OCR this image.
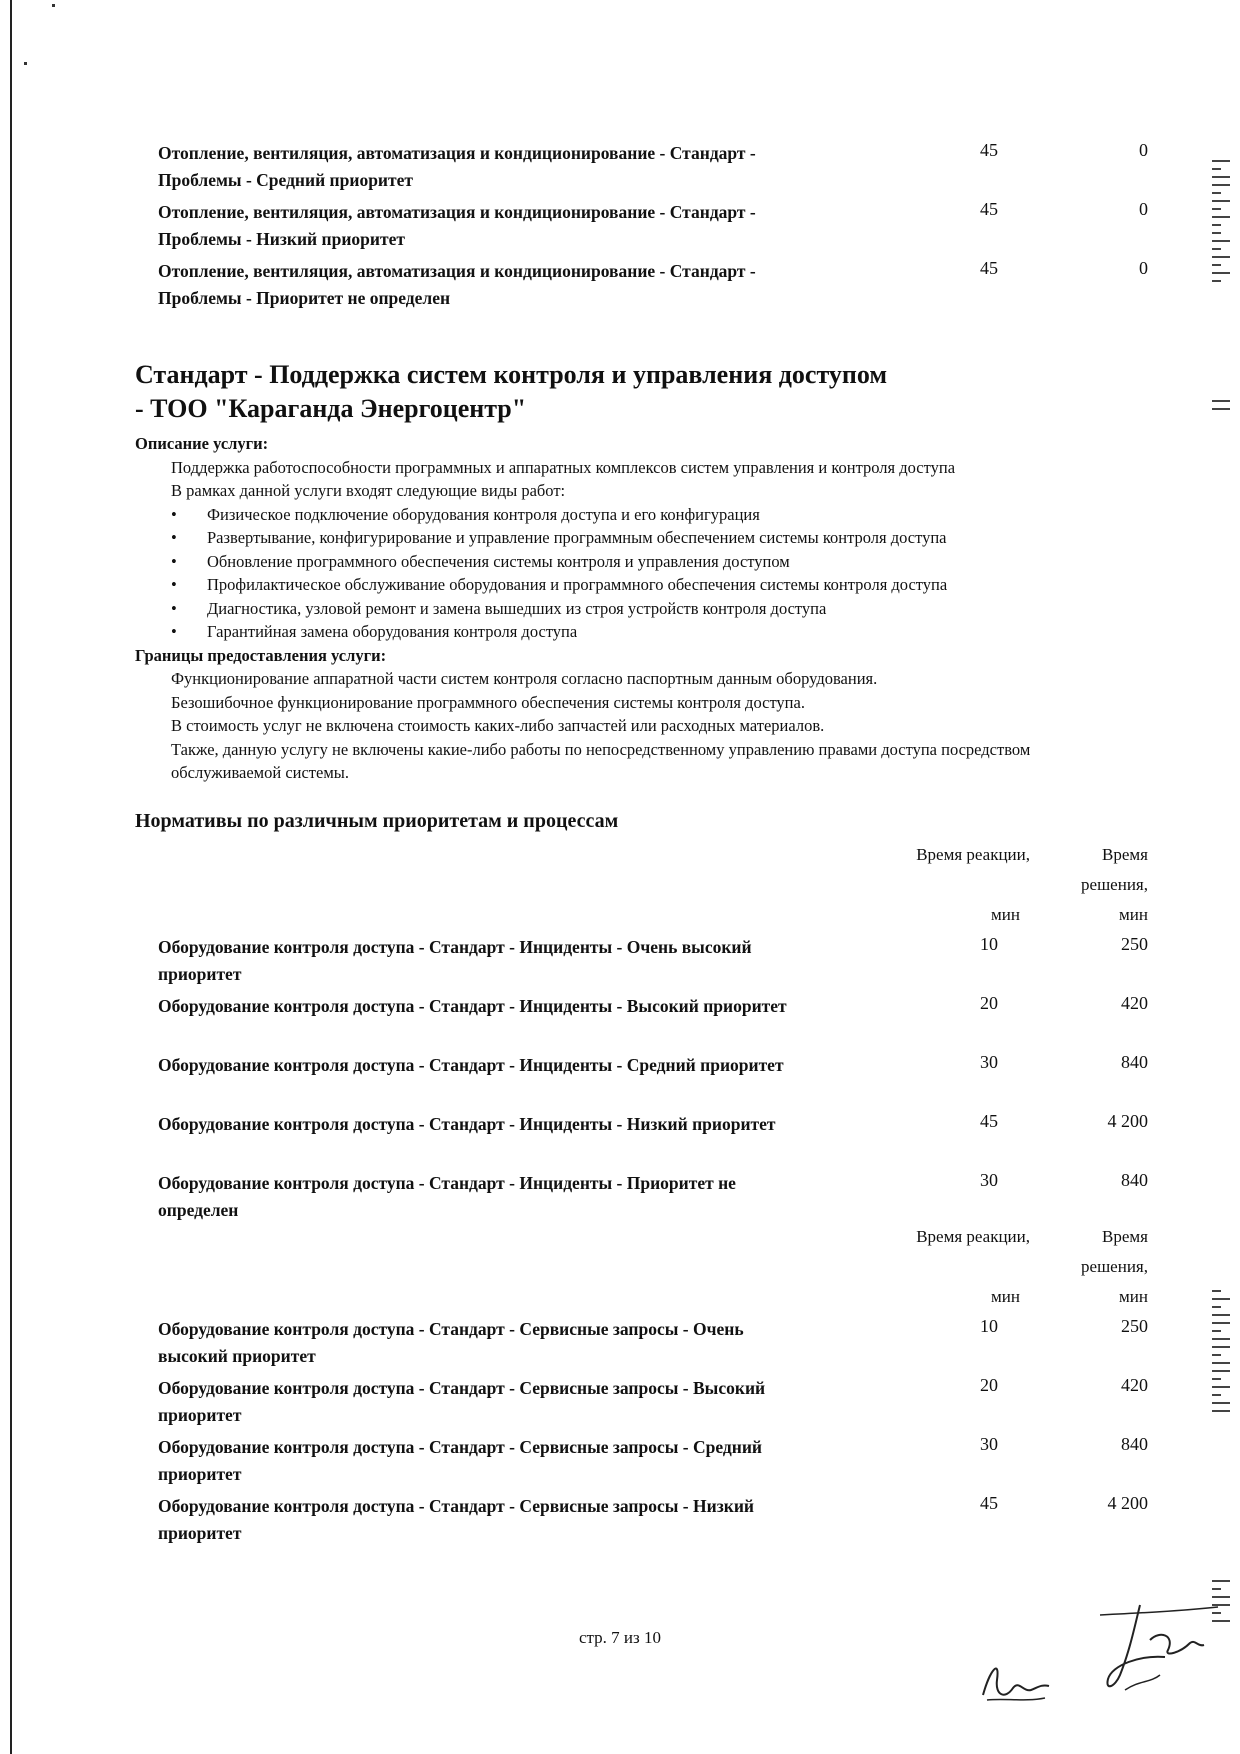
Отопление, вентиляция, автоматизация и кондиционирование - Стандарт - Проблемы - Средний приоритет
45	0
Отопление, вентиляция, автоматизация и кондиционирование - Стандарт - Проблемы - Низкий приоритет
45	0
Отопление, вентиляция, автоматизация и кондиционирование - Стандарт - Проблемы - Приоритет не определен
45	0
Стандарт - Поддержка систем контроля и управления доступом - ТОО "Караганда Энергоцентр"
Описание услуги:
Поддержка работоспособности программных и аппаратных комплексов систем управления и контроля доступа
В рамках данной услуги входят следующие виды работ:
• Физическое подключение оборудования контроля доступа и его конфигурация
• Развертывание, конфигурирование и управление программным обеспечением системы контроля доступа
• Обновление программного обеспечения системы контроля и управления доступом
• Профилактическое обслуживание оборудования и программного обеспечения системы контроля доступа
• Диагностика, узловой ремонт и замена вышедших из строя устройств контроля доступа
• Гарантийная замена оборудования контроля доступа
Границы предоставления услуги:
Функционирование аппаратной части систем контроля согласно паспортным данным оборудования.
Безошибочное функционирование программного обеспечения системы контроля доступа.
В стоимость услуг не включена стоимость каких-либо запчастей или расходных материалов.
Также, данную услугу не включены какие-либо работы по непосредственному управлению правами доступа посредством обслуживаемой системы.
Нормативы по различным приоритетам и процессам
Время реакции,
мин
Время
решения,
мин
Оборудование контроля доступа - Стандарт - Инциденты - Очень высокий приоритет
10	250
Оборудование контроля доступа - Стандарт - Инциденты - Высокий приоритет	20	420
Оборудование контроля доступа - Стандарт - Инциденты - Средний приоритет	30	840
Оборудование контроля доступа - Стандарт - Инциденты - Низкий приоритет	45	4 200
Оборудование контроля доступа - Стандарт - Инциденты - Приоритет не определен
30	840
Время реакции,
мин
Время
решения,
мин
Оборудование контроля доступа - Стандарт - Сервисные запросы - Очень высокий приоритет
10	250
Оборудование контроля доступа - Стандарт - Сервисные запросы - Высокий приоритет
20	420
Оборудование контроля доступа - Стандарт - Сервисные запросы - Средний приоритет
30	840
Оборудование контроля доступа - Стандарт - Сервисные запросы - Низкий приоритет
45	4 200
стр. 7 из 10
